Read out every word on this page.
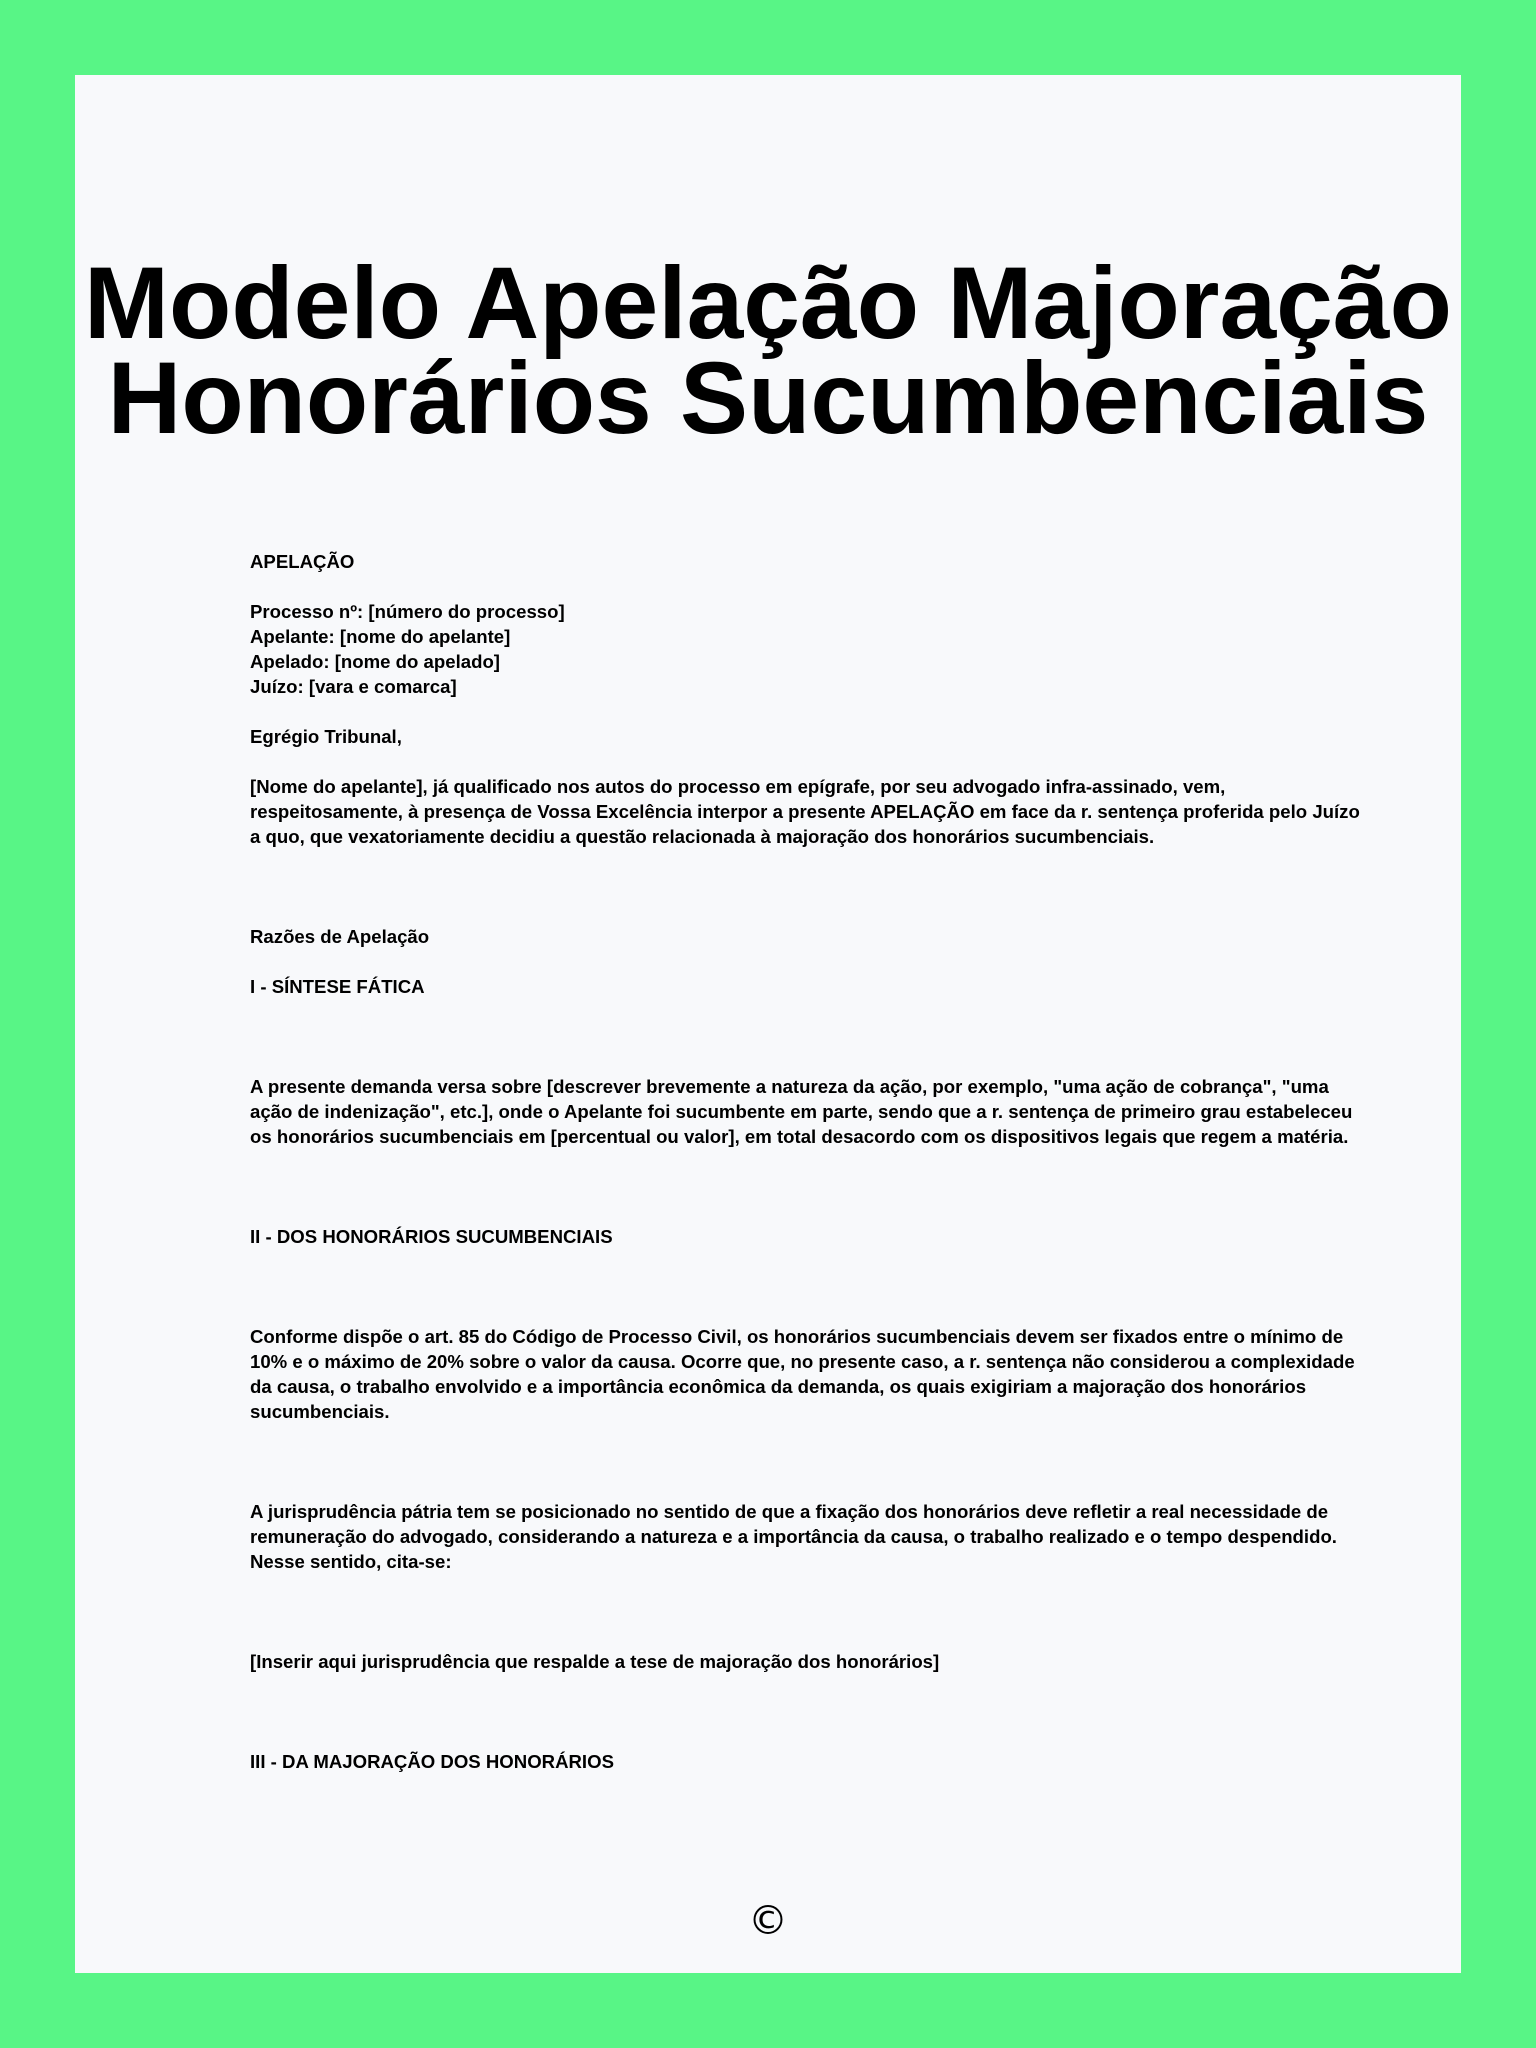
Modelo Apelação Majoração
Honorários Sucumbenciais

APELAÇÃO

Processo nº: [número do processo]

Apelante: [nome do apelante]

Apelado: [nome do apelado]

Juízo: [vara e comarca]

Egrégio Tribunal,

[Nome do apelante], já qualificado nos autos do processo em epígrafe, por seu advogado infra-assinado, vem, respeitosamente, à presença de Vossa Excelência interpor a presente APELAÇÃO em face da r. sentença proferida pelo Juízo a quo, que vexatoriamente decidiu a questão relacionada à majoração dos honorários sucumbenciais.

Razões de Apelação

I - SÍNTESE FÁTICA

A presente demanda versa sobre [descrever brevemente a natureza da ação, por exemplo, "uma ação de cobrança", "uma ação de indenização", etc.], onde o Apelante foi sucumbente em parte, sendo que a r. sentença de primeiro grau estabeleceu os honorários sucumbenciais em [percentual ou valor], em total desacordo com os dispositivos legais que regem a matéria.

II - DOS HONORÁRIOS SUCUMBENCIAIS

Conforme dispõe o art. 85 do Código de Processo Civil, os honorários sucumbenciais devem ser fixados entre o mínimo de 10% e o máximo de 20% sobre o valor da causa. Ocorre que, no presente caso, a r. sentença não considerou a complexidade da causa, o trabalho envolvido e a importância econômica da demanda, os quais exigiriam a majoração dos honorários sucumbenciais.

A jurisprudência pátria tem se posicionado no sentido de que a fixação dos honorários deve refletir a real necessidade de remuneração do advogado, considerando a natureza e a importância da causa, o trabalho realizado e o tempo despendido. Nesse sentido, cita-se:

[Inserir aqui jurisprudência que respalde a tese de majoração dos honorários]

III - DA MAJORAÇÃO DOS HONORÁRIOS

©
